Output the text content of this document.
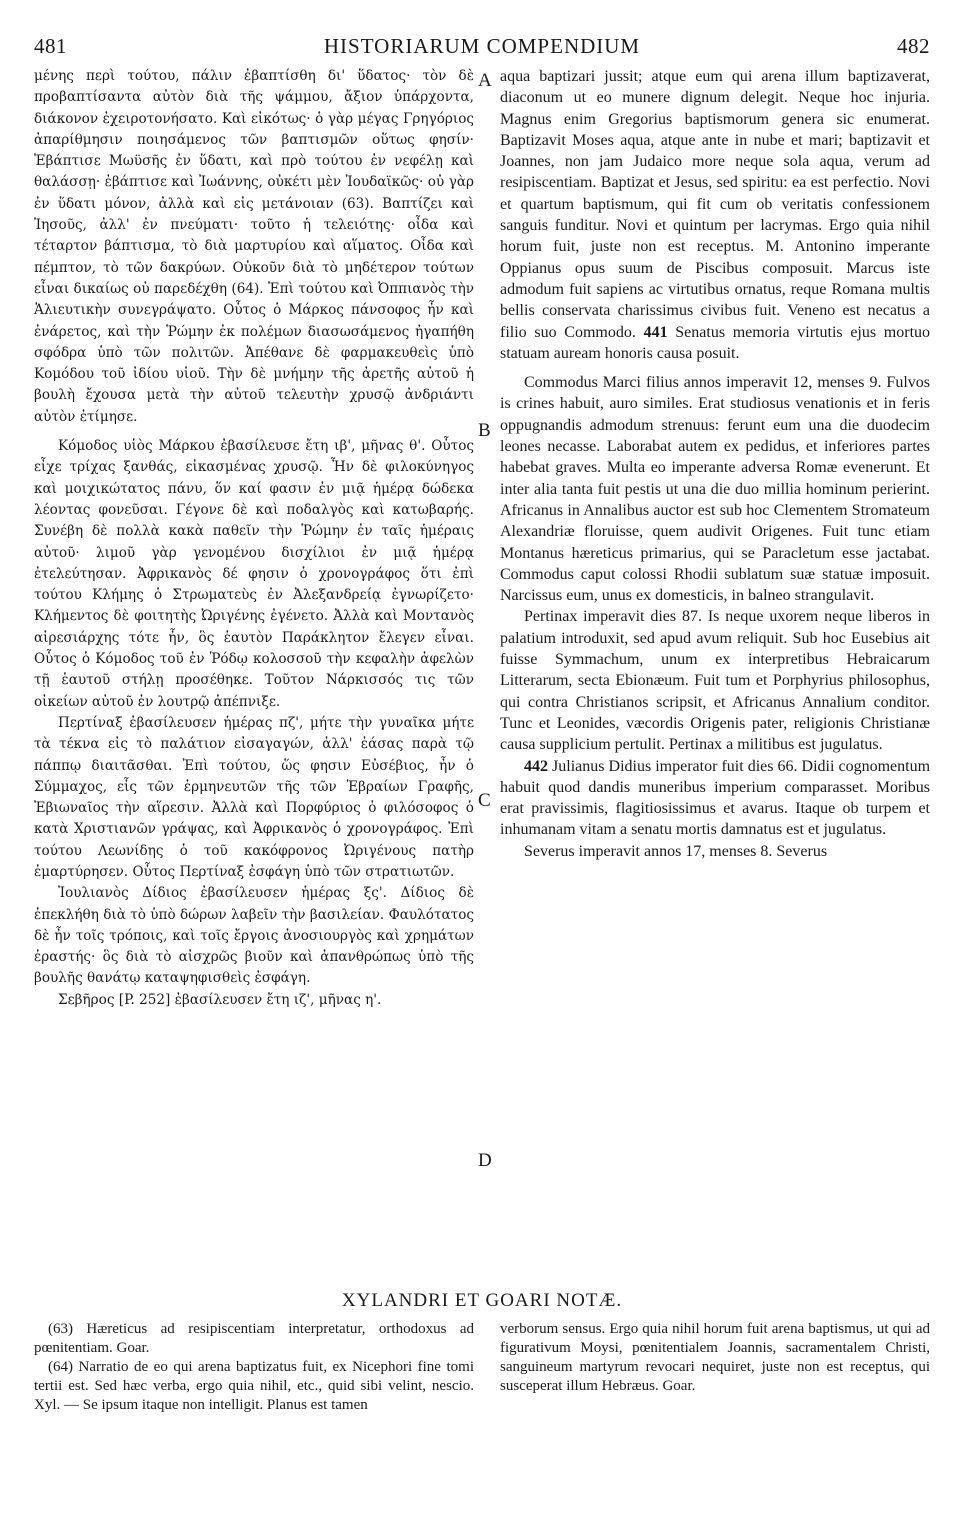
481	HISTORIARUM COMPENDIUM	482

μένης περὶ τούτου, πάλιν ἐβαπτίσθη δι' ὕδατος· τὸν δὲ προβαπτίσαντα αὐτὸν διὰ τῆς ψάμμου, ἄξιον ὑπάρχοντα, διάκονον ἐχειροτονήσατο. Καὶ εἰκότως· ὁ γὰρ μέγας Γρηγόριος ἀπαρίθμησιν ποιησάμενος τῶν βαπτισμῶν οὕτως φησίν· Ἐβάπτισε Μωϋσῆς ἐν ὕδατι, καὶ πρὸ τούτου ἐν νεφέλῃ καὶ θαλάσσῃ· ἐβάπτισε καὶ Ἰωάννης, οὐκέτι μὲν Ἰουδαϊκῶς· οὐ γὰρ ἐν ὕδατι μόνον, ἀλλὰ καὶ εἰς μετάνοιαν (63). Βαπτίζει καὶ Ἰησοῦς, ἀλλ' ἐν πνεύματι· τοῦτο ἡ τελειότης· οἶδα καὶ τέταρτον βάπτισμα, τὸ διὰ μαρτυρίου καὶ αἵματος. Οἶδα καὶ πέμπτον, τὸ τῶν δακρύων. Οὐκοῦν διὰ τὸ μηδέτερον τούτων εἶναι δικαίως οὐ παρεδέχθη (64). Ἐπὶ τούτου καὶ Ὀππιανὸς τὴν Ἁλιευτικὴν συνεγράψατο. Οὗτος ὁ Μάρκος πάνσοφος ἦν καὶ ἐνάρετος, καὶ τὴν Ῥώμην ἐκ πολέμων διασωσάμενος ἠγαπήθη σφόδρα ὑπὸ τῶν πολιτῶν. Ἀπέθανε δὲ φαρμακευθεὶς ὑπὸ Κομόδου τοῦ ἰδίου υἱοῦ. Τὴν δὲ μνήμην τῆς ἀρετῆς αὐτοῦ ἡ βουλὴ ἔχουσα μετὰ τὴν αὐτοῦ τελευτὴν χρυσῷ ἀνδριάντι αὐτὸν ἐτίμησε.

Κόμοδος υἱὸς Μάρκου ἐβασίλευσε ἔτη ιβ', μῆνας θ'. Οὗτος εἶχε τρίχας ξανθάς, εἰκασμένας χρυσῷ. Ἦν δὲ φιλοκύνηγος καὶ μοιχικώτατος πάνυ, ὅν καί φασιν ἐν μιᾷ ἡμέρᾳ δώδεκα λέοντας φονεῦσαι. Γέγονε δὲ καὶ ποδαλγὸς καὶ κατωβαρής. Συνέβη δὲ πολλὰ κακὰ παθεῖν τὴν Ῥώμην ἐν ταῖς ἡμέραις αὐτοῦ· λιμοῦ γὰρ γενομένου δισχίλιοι ἐν μιᾷ ἡμέρᾳ ἐτελεύτησαν. Ἀφρικανὸς δέ φησιν ὁ χρονογράφος ὅτι ἐπὶ τούτου Κλήμης ὁ Στρωματεὺς ἐν Ἀλεξανδρείᾳ ἐγνωρίζετο· Κλήμεντος δὲ φοιτητὴς Ὠριγένης ἐγένετο. Ἀλλὰ καὶ Μοντανὸς αἱρεσιάρχης τότε ἦν, ὃς ἑαυτὸν Παράκλητον ἔλεγεν εἶναι. Οὗτος ὁ Κόμοδος τοῦ ἐν Ῥόδῳ κολοσσοῦ τὴν κεφαλὴν ἀφελὼν τῇ ἑαυτοῦ στήλῃ προσέθηκε. Τοῦτον Νάρκισσός τις τῶν οἰκείων αὐτοῦ ἐν λουτρῷ ἀπέπνιξε.

Περτίναξ ἐβασίλευσεν ἡμέρας πζ', μήτε τὴν γυναῖκα μήτε τὰ τέκνα εἰς τὸ παλάτιον εἰσαγαγών, ἀλλ' ἐάσας παρὰ τῷ πάππῳ διαιτᾶσθαι. Ἐπὶ τούτου, ὥς φησιν Εὐσέβιος, ἦν ὁ Σύμμαχος, εἷς τῶν ἑρμηνευτῶν τῆς τῶν Ἑβραίων Γραφῆς, Ἐβιωναῖος τὴν αἵρεσιν. Ἀλλὰ καὶ Πορφύριος ὁ φιλόσοφος ὁ κατὰ Χριστιανῶν γράψας, καὶ Ἀφρικανὸς ὁ χρονογράφος. Ἐπὶ τούτου Λεωνίδης ὁ τοῦ κακόφρονος Ὠριγένους πατὴρ ἐμαρτύρησεν. Οὗτος Περτίναξ ἐσφάγη ὑπὸ τῶν στρατιωτῶν.

Ἰουλιανὸς Δίδιος ἐβασίλευσεν ἡμέρας ξς'. Δίδιος δὲ ἐπεκλήθη διὰ τὸ ὑπὸ δώρων λαβεῖν τὴν βασιλείαν. Φαυλότατος δὲ ἦν τοῖς τρόποις, καὶ τοῖς ἔργοις ἀνοσιουργὸς καὶ χρημάτων ἐραστής· ὃς διὰ τὸ αἰσχρῶς βιοῦν καὶ ἀπανθρώπως ὑπὸ τῆς βουλῆς θανάτῳ καταψηφισθεὶς ἐσφάγη.

Σεβῆρος [P. 252] ἐβασίλευσεν ἔτη ιζ', μῆνας η'.

A
B
C
D

aqua baptizari jussit; atque eum qui arena illum baptizaverat, diaconum ut eo munere dignum delegit. Neque hoc injuria. Magnus enim Gregorius baptismorum genera sic enumerat. Baptizavit Moses aqua, atque ante in nube et mari; baptizavit et Joannes, non jam Judaico more neque sola aqua, verum ad resipiscentiam. Baptizat et Jesus, sed spiritu: ea est perfectio. Novi et quartum baptismum, qui fit cum ob veritatis confessionem sanguis funditur. Novi et quintum per lacrymas. Ergo quia nihil horum fuit, juste non est receptus. M. Antonino imperante Oppianus opus suum de Piscibus composuit. Marcus iste admodum fuit sapiens ac virtutibus ornatus, reque Romana multis bellis conservata charissimus civibus fuit. Veneno est necatus a filio suo Commodo. 441 Senatus memoria virtutis ejus mortuo statuam auream honoris causa posuit.

Commodus Marci filius annos imperavit 12, menses 9. Fulvos is crines habuit, auro similes. Erat studiosus venationis et in feris oppugnandis admodum strenuus: ferunt eum una die duodecim leones necasse. Laborabat autem ex pedidus, et inferiores partes habebat graves. Multa eo imperante adversa Romæ evenerunt. Et inter alia tanta fuit pestis ut una die duo millia hominum perierint. Africanus in Annalibus auctor est sub hoc Clementem Stromateum Alexandriæ floruisse, quem audivit Origenes. Fuit tunc etiam Montanus hæreticus primarius, qui se Paracletum esse jactabat. Commodus caput colossi Rhodii sublatum suæ statuæ imposuit. Narcissus eum, unus ex domesticis, in balneo strangulavit.

Pertinax imperavit dies 87. Is neque uxorem neque liberos in palatium introduxit, sed apud avum reliquit. Sub hoc Eusebius ait fuisse Symmachum, unum ex interpretibus Hebraicarum Litterarum, secta Ebionæum. Fuit tum et Porphyrius philosophus, qui contra Christianos scripsit, et Africanus Annalium conditor. Tunc et Leonides, væcordis Origenis pater, religionis Christianæ causa supplicium pertulit. Pertinax a militibus est jugulatus.

442 Julianus Didius imperator fuit dies 66. Didii cognomentum habuit quod dandis muneribus imperium comparasset. Moribus erat pravissimis, flagitiosissimus et avarus. Itaque ob turpem et inhumanam vitam a senatu mortis damnatus est et jugulatus.

Severus imperavit annos 17, menses 8. Severus

XYLANDRI ET GOARI NOTÆ.

(63) Hæreticus ad resipiscentiam interpretatur, orthodoxus ad pœnitentiam. Goar.

(64) Narratio de eo qui arena baptizatus fuit, ex Nicephori fine tomi tertii est. Sed hæc verba, ergo quia nihil, etc., quid sibi velint, nescio. Xyl. — Se ipsum itaque non intelligit. Planus est tamen

verborum sensus. Ergo quia nihil horum fuit arena baptismus, ut qui ad figurativum Moysi, pœnitentialem Joannis, sacramentalem Christi, sanguineum martyrum revocari nequiret, juste non est receptus, qui susceperat illum Hebræus. Goar.
